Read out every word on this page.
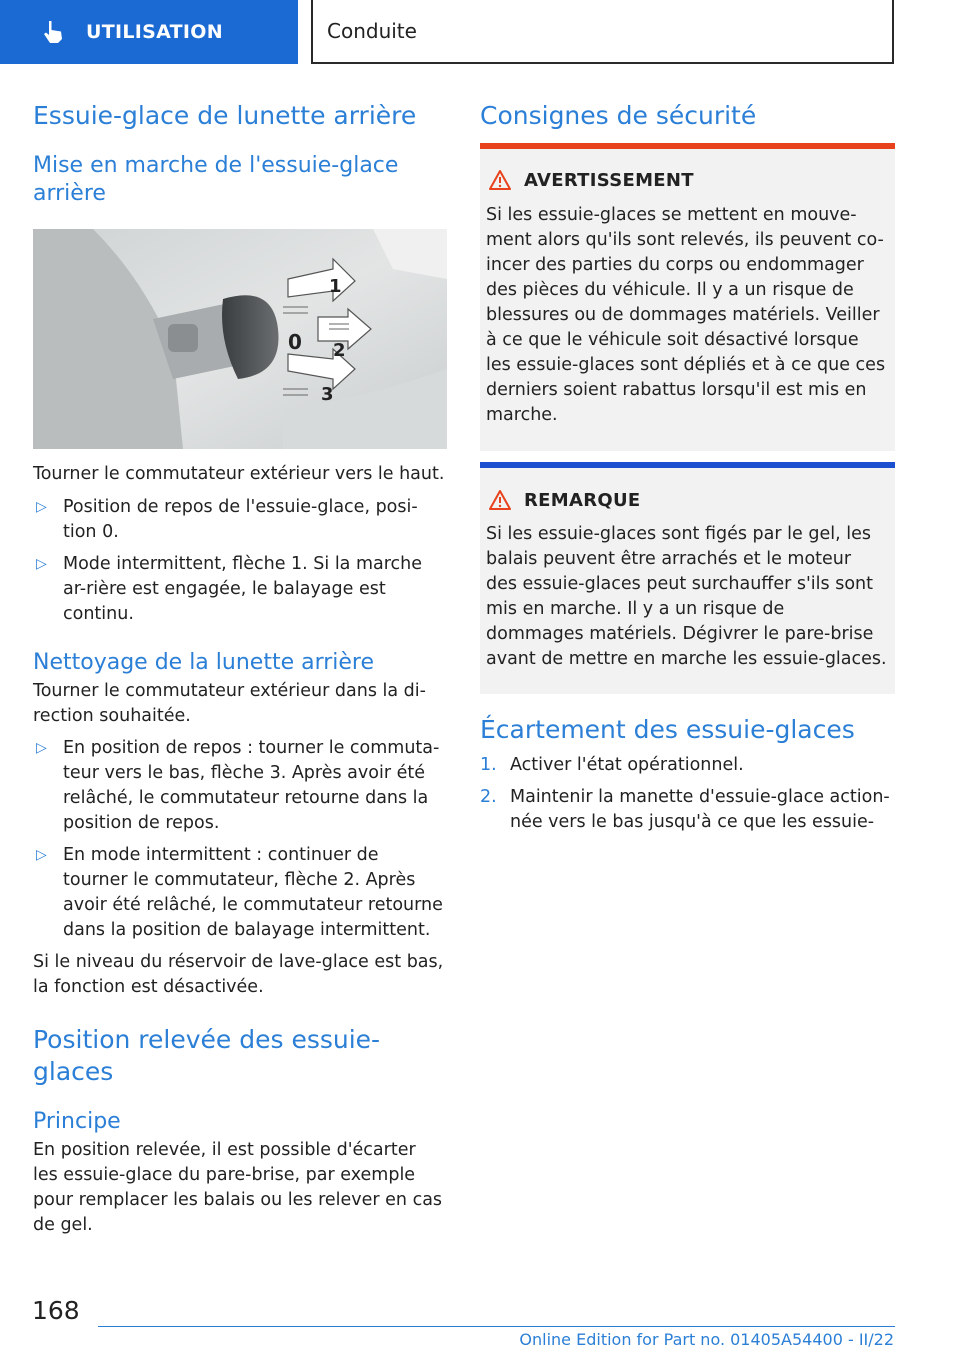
UTILISATION	Conduite
Essuie-glace de lunette arrière
Mise en marche de l'essuie-glace arrière
1
0 2
3

Tourner le commutateur extérieur vers le haut.

▷ Position de repos de l'essuie-glace, posi-tion 0.
▷ Mode intermittent, flèche 1. Si la marche ar-rière est engagée, le balayage est continu.
Nettoyage de la lunette arrière

Tourner le commutateur extérieur dans la di-rection souhaitée.

▷ En position de repos : tourner le commuta-teur vers le bas, flèche 3. Après avoir été relâché, le commutateur retourne dans la position de repos.
▷ En mode intermittent : continuer de tourner le commutateur, flèche 2. Après avoir été relâché, le commutateur retourne dans la position de balayage intermittent.

Si le niveau du réservoir de lave-glace est bas, la fonction est désactivée.

Position relevée des essuie-glaces
Principe

En position relevée, il est possible d'écarter les essuie-glace du pare-brise, par exemple pour remplacer les balais ou les relever en cas de gel.

Consignes de sécurité
AVERTISSEMENT
Si les essuie-glaces se mettent en mouve-ment alors qu'ils sont relevés, ils peuvent co-incer des parties du corps ou endommager des pièces du véhicule. Il y a un risque de blessures ou de dommages matériels. Veiller à ce que le véhicule soit désactivé lorsque les essuie-glaces sont dépliés et à ce que ces derniers soient rabattus lorsqu'il est mis en marche.
REMARQUE
Si les essuie-glaces sont figés par le gel, les balais peuvent être arrachés et le moteur des essuie-glaces peut surchauffer s'ils sont mis en marche. Il y a un risque de dommages matériels. Dégivrer le pare-brise avant de mettre en marche les essuie-glaces.
Écartement des essuie-glaces
1. Activer l'état opérationnel.
2. Maintenir la manette d'essuie-glace action-née vers le bas jusqu'à ce que les essuie-
168
Online Edition for Part no. 01405A54400 - II/22
